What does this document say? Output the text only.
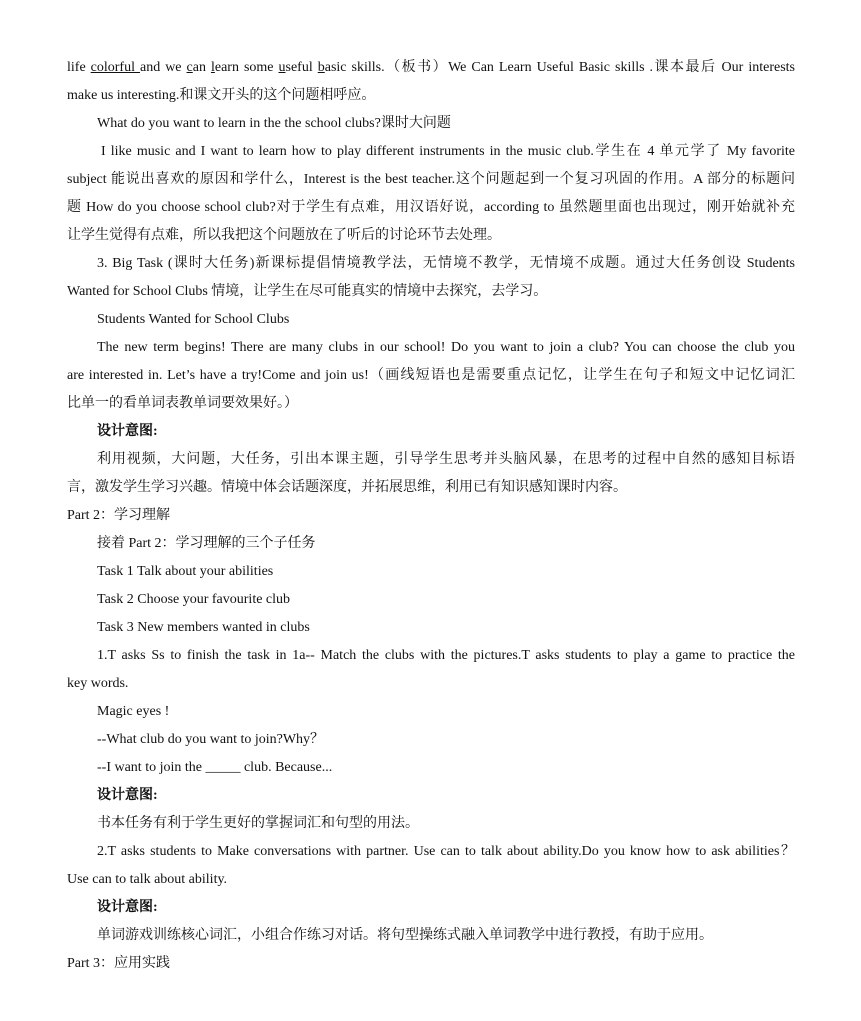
life colorful and we can learn some useful basic skills.（板书）We Can Learn Useful Basic skills .课本最后 Our interests
make us interesting.和课文开头的这个问题相呼应。
What do you want to learn in the the school clubs?课时大问题
I like music and I want to learn how to play different instruments in the music club.学生在 4 单元学了 My favorite
subject 能说出喜欢的原因和学什么，Interest is the best teacher.这个问题起到一个复习巩固的作用。A 部分的标题问
题 How do you choose school club?对于学生有点难，用汉语好说，according to 虽然题里面也出现过，刚开始就补充
让学生觉得有点难，所以我把这个问题放在了听后的讨论环节去处理。
3. Big Task (课时大任务)新课标提倡情境教学法，无情境不教学，无情境不成题。通过大任务创设 Students
Wanted for School Clubs 情境，让学生在尽可能真实的情境中去探究，去学习。
Students Wanted for School Clubs
The new term begins! There are many clubs in our school! Do you want to join a club? You can choose the club you
are interested in. Let’s have a try!Come and join us!（画线短语也是需要重点记忆，让学生在句子和短文中记忆词汇
比单一的看单词表教单词要效果好。）
设计意图:
利用视频，大问题，大任务，引出本课主题，引导学生思考并头脑风暴，在思考的过程中自然的感知目标语
言，激发学生学习兴趣。情境中体会话题深度，并拓展思维，利用已有知识感知课时内容。
Part 2：学习理解
接着 Part 2：学习理解的三个子任务
Task 1 Talk about your abilities
Task 2 Choose your favourite club
Task 3 New members wanted in clubs
1.T asks Ss to finish the task in 1a-- Match the clubs with the pictures.T asks students to play a game to practice the
key words.
Magic eyes !
--What club do you want to join?Why？
--I want to join the _____ club. Because...
设计意图:
书本任务有利于学生更好的掌握词汇和句型的用法。
2.T asks students to Make conversations with partner. Use can to talk about ability.Do you know how to ask abilities？
Use can to talk about ability.
设计意图:
单词游戏训练核心词汇，小组合作练习对话。将句型操练式融入单词教学中进行教授，有助于应用。
Part 3：应用实践
